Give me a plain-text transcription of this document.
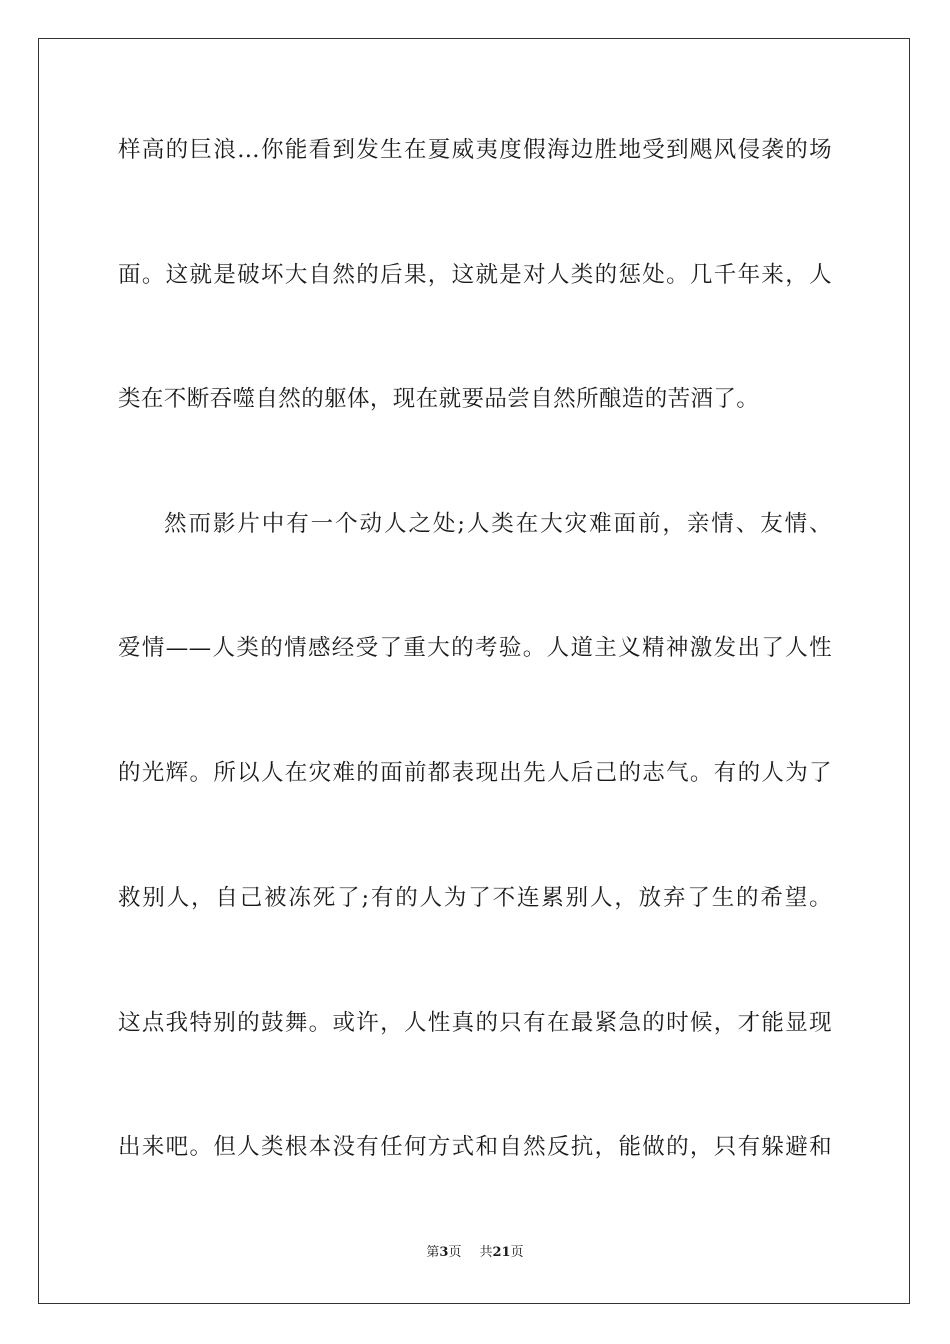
样高的巨浪…你能看到发生在夏威夷度假海边胜地受到飓风侵袭的场
面。这就是破坏大自然的后果，这就是对人类的惩处。几千年来，人
类在不断吞噬自然的躯体，现在就要品尝自然所酿造的苦酒了。
然而影片中有一个动人之处;人类在大灾难面前，亲情、友情、
爱情——人类的情感经受了重大的考验。人道主义精神激发出了人性
的光辉。所以人在灾难的面前都表现出先人后己的志气。有的人为了
救别人，自己被冻死了;有的人为了不连累别人，放弃了生的希望。
这点我特别的鼓舞。或许，人性真的只有在最紧急的时候，才能显现
出来吧。但人类根本没有任何方式和自然反抗，能做的，只有躲避和
第3页 共21页
